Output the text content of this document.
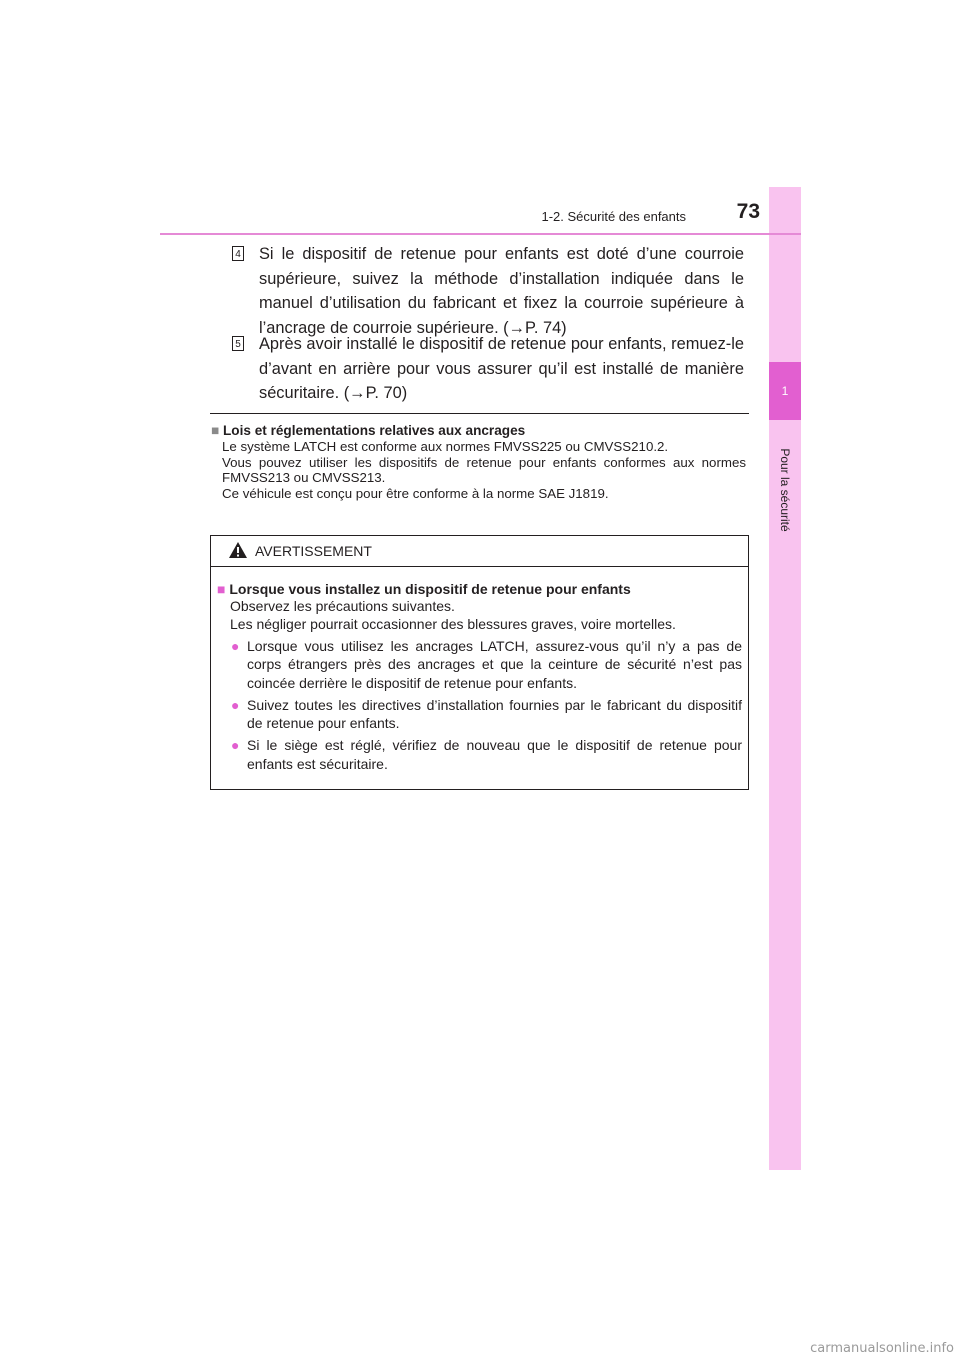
1
Pour la sécurité
1-2. Sécurité des enfants	73
4 Si le dispositif de retenue pour enfants est doté d’une courroie supérieure, suivez la méthode d’installation indiquée dans le manuel d’utilisation du fabricant et fixez la courroie supérieure à l’ancrage de courroie supérieure. (→P. 74)
5 Après avoir installé le dispositif de retenue pour enfants, remuez-le d’avant en arrière pour vous assurer qu’il est installé de manière sécuritaire. (→P. 70)
■ Lois et réglementations relatives aux ancrages
Le système LATCH est conforme aux normes FMVSS225 ou CMVSS210.2.
Vous pouvez utiliser les dispositifs de retenue pour enfants conformes aux normes FMVSS213 ou CMVSS213.
Ce véhicule est conçu pour être conforme à la norme SAE J1819.
AVERTISSEMENT
■ Lorsque vous installez un dispositif de retenue pour enfants
Observez les précautions suivantes.
Les négliger pourrait occasionner des blessures graves, voire mortelles.
● Lorsque vous utilisez les ancrages LATCH, assurez-vous qu’il n’y a pas de corps étrangers près des ancrages et que la ceinture de sécurité n’est pas coincée derrière le dispositif de retenue pour enfants.
● Suivez toutes les directives d’installation fournies par le fabricant du dispositif de retenue pour enfants.
● Si le siège est réglé, vérifiez de nouveau que le dispositif de retenue pour enfants est sécuritaire.
carmanualsonline.info
